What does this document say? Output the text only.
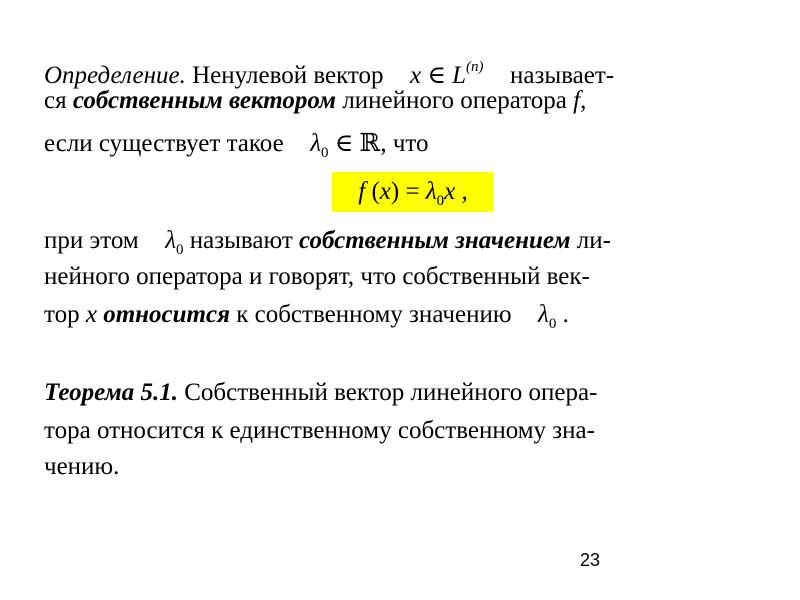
Определение. Ненулевой вектор x ∈ $L^{(n)}$ называет-
ся собственным вектором линейного оператора f,
если существует такое $\lambda_0$ ∈ ℝ, что
f $(x) = \lambda_0x$ ,
при этом $\lambda_0$ называют собственным значением ли-
нейного оператора и говорят, что собственный век-
тор x относится к собственному значению $\lambda_0$ .
Теорема 5.1. Собственный вектор линейного опера-
тора относится к единственному собственному зна-
чению.
23
